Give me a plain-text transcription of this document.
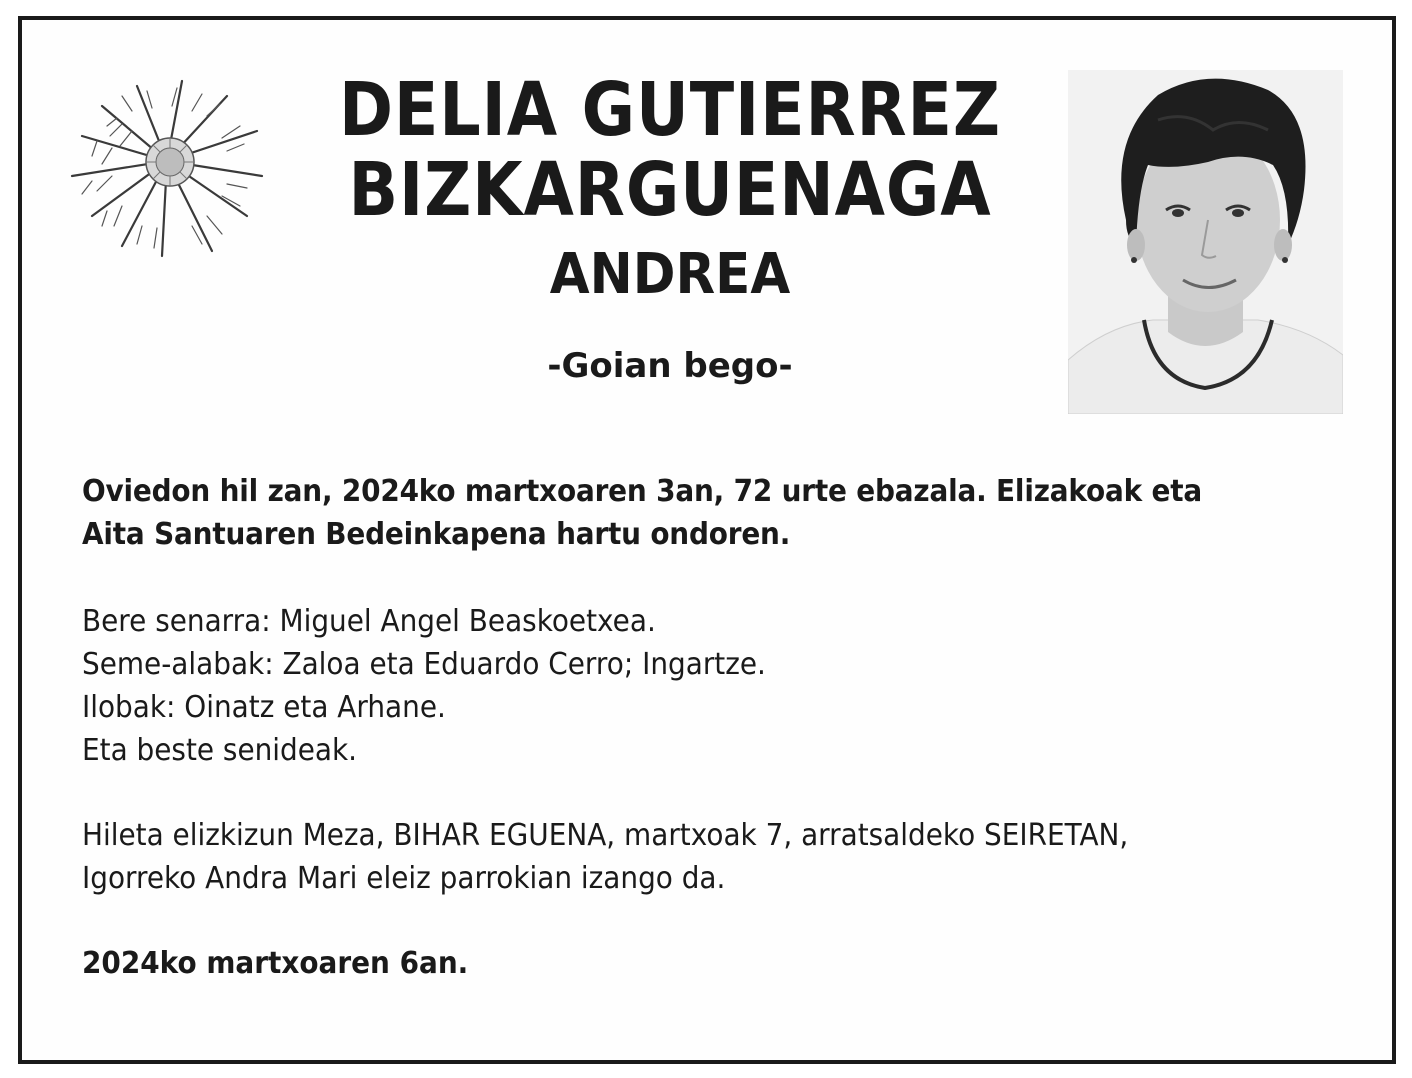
DELIA GUTIERREZ
BIZKARGUENAGA
ANDREA
-Goian bego-

Oviedon hil zan, 2024ko martxoaren 3an, 72 urte ebazala. Elizakoak eta

Aita Santuaren Bedeinkapena hartu ondoren.

Bere senarra: Miguel Angel Beaskoetxea.

Seme-alabak: Zaloa eta Eduardo Cerro; Ingartze.

Ilobak: Oinatz eta Arhane.

Eta beste senideak.

Hileta elizkizun Meza, BIHAR EGUENA, martxoak 7, arratsaldeko SEIRETAN,

Igorreko Andra Mari eleiz parrokian izango da.

2024ko martxoaren 6an.
